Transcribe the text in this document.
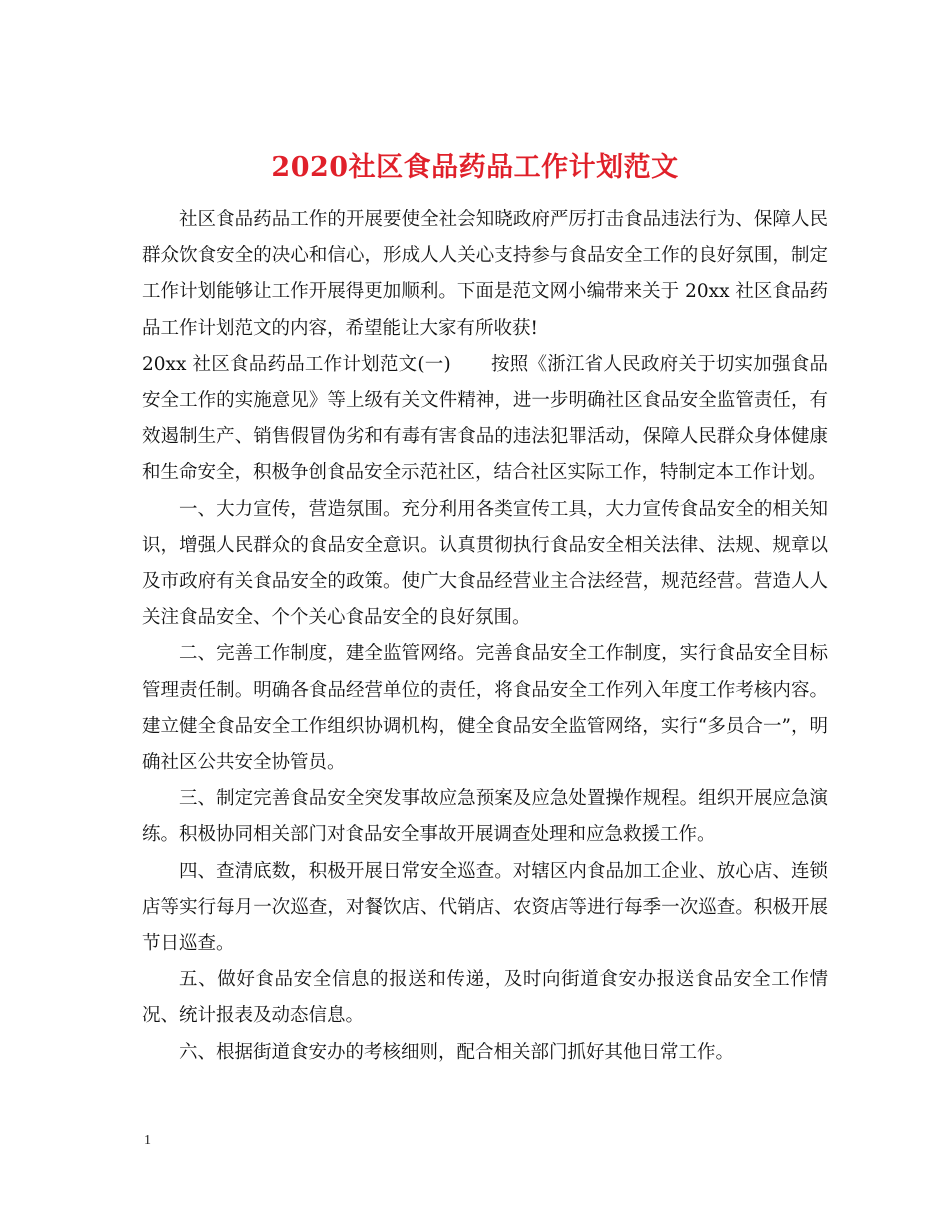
2020社区食品药品工作计划范文

社区食品药品工作的开展要使全社会知晓政府严厉打击食品违法行为、保障人民群众饮食安全的决心和信心，形成人人关心支持参与食品安全工作的良好氛围，制定工作计划能够让工作开展得更加顺利。下面是范文网小编带来关于 20xx 社区食品药品工作计划范文的内容，希望能让大家有所收获!

20xx 社区食品药品工作计划范文(一) 按照《浙江省人民政府关于切实加强食品安全工作的实施意见》等上级有关文件精神，进一步明确社区食品安全监管责任，有效遏制生产、销售假冒伪劣和有毒有害食品的违法犯罪活动，保障人民群众身体健康和生命安全，积极争创食品安全示范社区，结合社区实际工作，特制定本工作计划。

一、大力宣传，营造氛围。充分利用各类宣传工具，大力宣传食品安全的相关知识，增强人民群众的食品安全意识。认真贯彻执行食品安全相关法律、法规、规章以及市政府有关食品安全的政策。使广大食品经营业主合法经营，规范经营。营造人人关注食品安全、个个关心食品安全的良好氛围。

二、完善工作制度，建全监管网络。完善食品安全工作制度，实行食品安全目标管理责任制。明确各食品经营单位的责任，将食品安全工作列入年度工作考核内容。建立健全食品安全工作组织协调机构，健全食品安全监管网络，实行“多员合一”，明确社区公共安全协管员。

三、制定完善食品安全突发事故应急预案及应急处置操作规程。组织开展应急演练。积极协同相关部门对食品安全事故开展调查处理和应急救援工作。

四、查清底数，积极开展日常安全巡查。对辖区内食品加工企业、放心店、连锁店等实行每月一次巡查，对餐饮店、代销店、农资店等进行每季一次巡查。积极开展节日巡查。

五、做好食品安全信息的报送和传递，及时向街道食安办报送食品安全工作情况、统计报表及动态信息。

六、根据街道食安办的考核细则，配合相关部门抓好其他日常工作。

1
